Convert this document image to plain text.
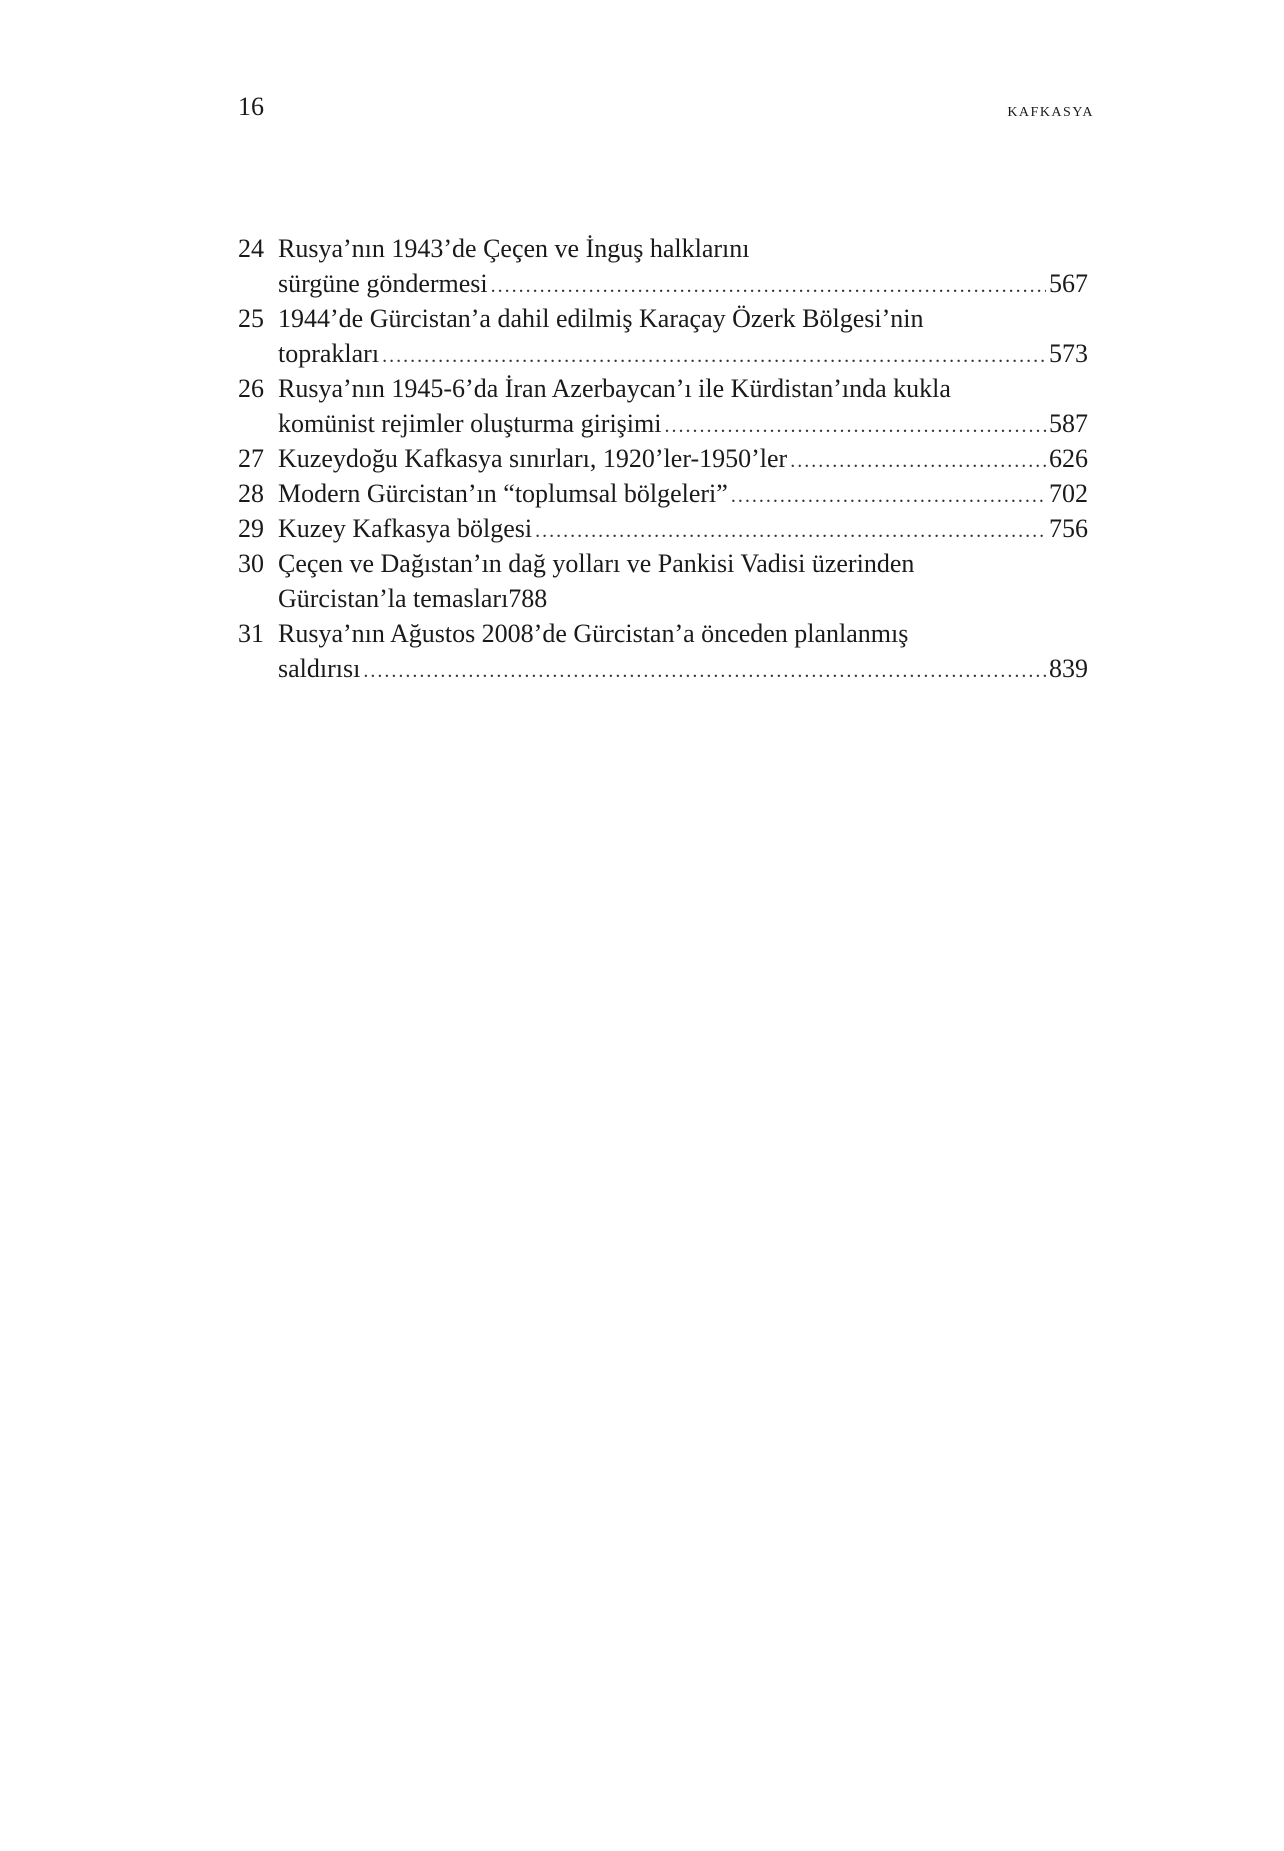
16	KAFKASYA
24 Rusya’nın 1943’de Çeçen ve İnguş halklarını
sürgüne göndermesi .....	567
25 1944’de Gürcistan’a dahil edilmiş Karaçay Özerk Bölgesi’nin
toprakları .....	573
26 Rusya’nın 1945-6’da İran Azerbaycan’ı ile Kürdistan’ında kukla
komünist rejimler oluşturma girişimi .....	587
27 Kuzeydoğu Kafkasya sınırları, 1920’ler-1950’ler .....	626
28 Modern Gürcistan’ın “toplumsal bölgeleri” .....	702
29 Kuzey Kafkasya bölgesi .....	756
30 Çeçen ve Dağıstan’ın dağ yolları ve Pankisi Vadisi üzerinden
Gürcistan’la temasları788
31 Rusya’nın Ağustos 2008’de Gürcistan’a önceden planlanmış
saldırısı .....	839
